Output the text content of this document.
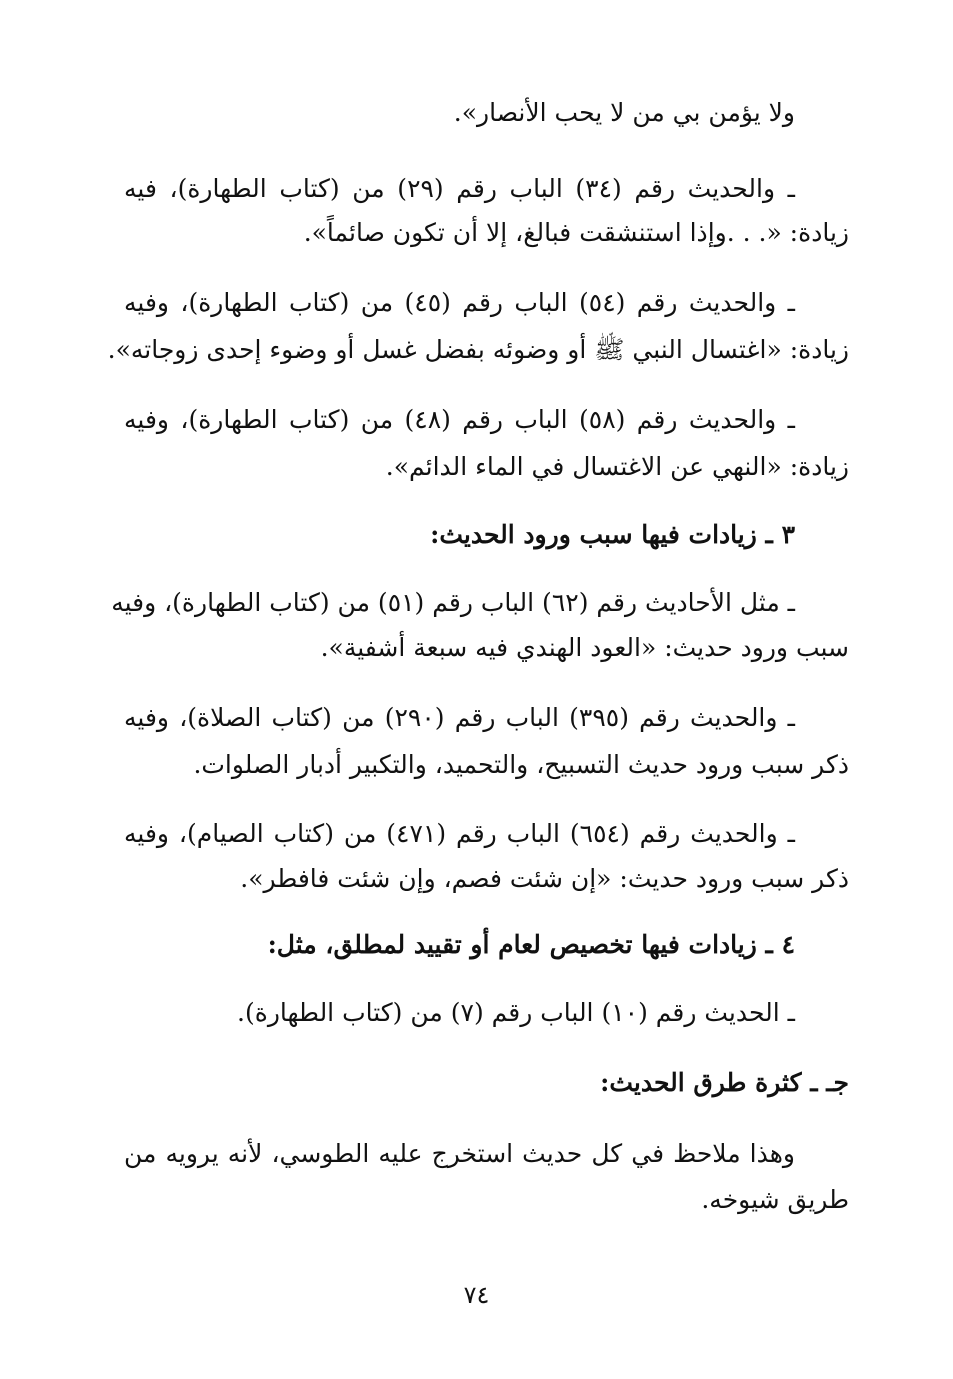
ولا يؤمن بي من لا يحب الأنصار».
ـ والحديث رقم (٣٤) الباب رقم (٢٩) من (كتاب الطهارة)، فيه
زيادة: «. . .وإذا استنشقت فبالغ، إلا أن تكون صائماً».
ـ والحديث رقم (٥٤) الباب رقم (٤٥) من (كتاب الطهارة)، وفيه
زيادة: «اغتسال النبي ﷺ أو وضوئه بفضل غسل أو وضوء إحدى زوجاته».
ـ والحديث رقم (٥٨) الباب رقم (٤٨) من (كتاب الطهارة)، وفيه
زيادة: «النهي عن الاغتسال في الماء الدائم».
٣ ـ زيادات فيها سبب ورود الحديث:
ـ مثل الأحاديث رقم (٦٢) الباب رقم (٥١) من (كتاب الطهارة)، وفيه
سبب ورود حديث: «العود الهندي فيه سبعة أشفية».
ـ والحديث رقم (٣٩٥) الباب رقم (٢٩٠) من (كتاب الصلاة)، وفيه
ذكر سبب ورود حديث التسبيح، والتحميد، والتكبير أدبار الصلوات.
ـ والحديث رقم (٦٥٤) الباب رقم (٤٧١) من (كتاب الصيام)، وفيه
ذكر سبب ورود حديث: «إن شئت فصم، وإن شئت فافطر».
٤ ـ زيادات فيها تخصيص لعام أو تقييد لمطلق، مثل:
ـ الحديث رقم (١٠) الباب رقم (٧) من (كتاب الطهارة).
جـ ـ كثرة طرق الحديث:
وهذا ملاحظ في كل حديث استخرج عليه الطوسي، لأنه يرويه من
طريق شيوخه.
٧٤
